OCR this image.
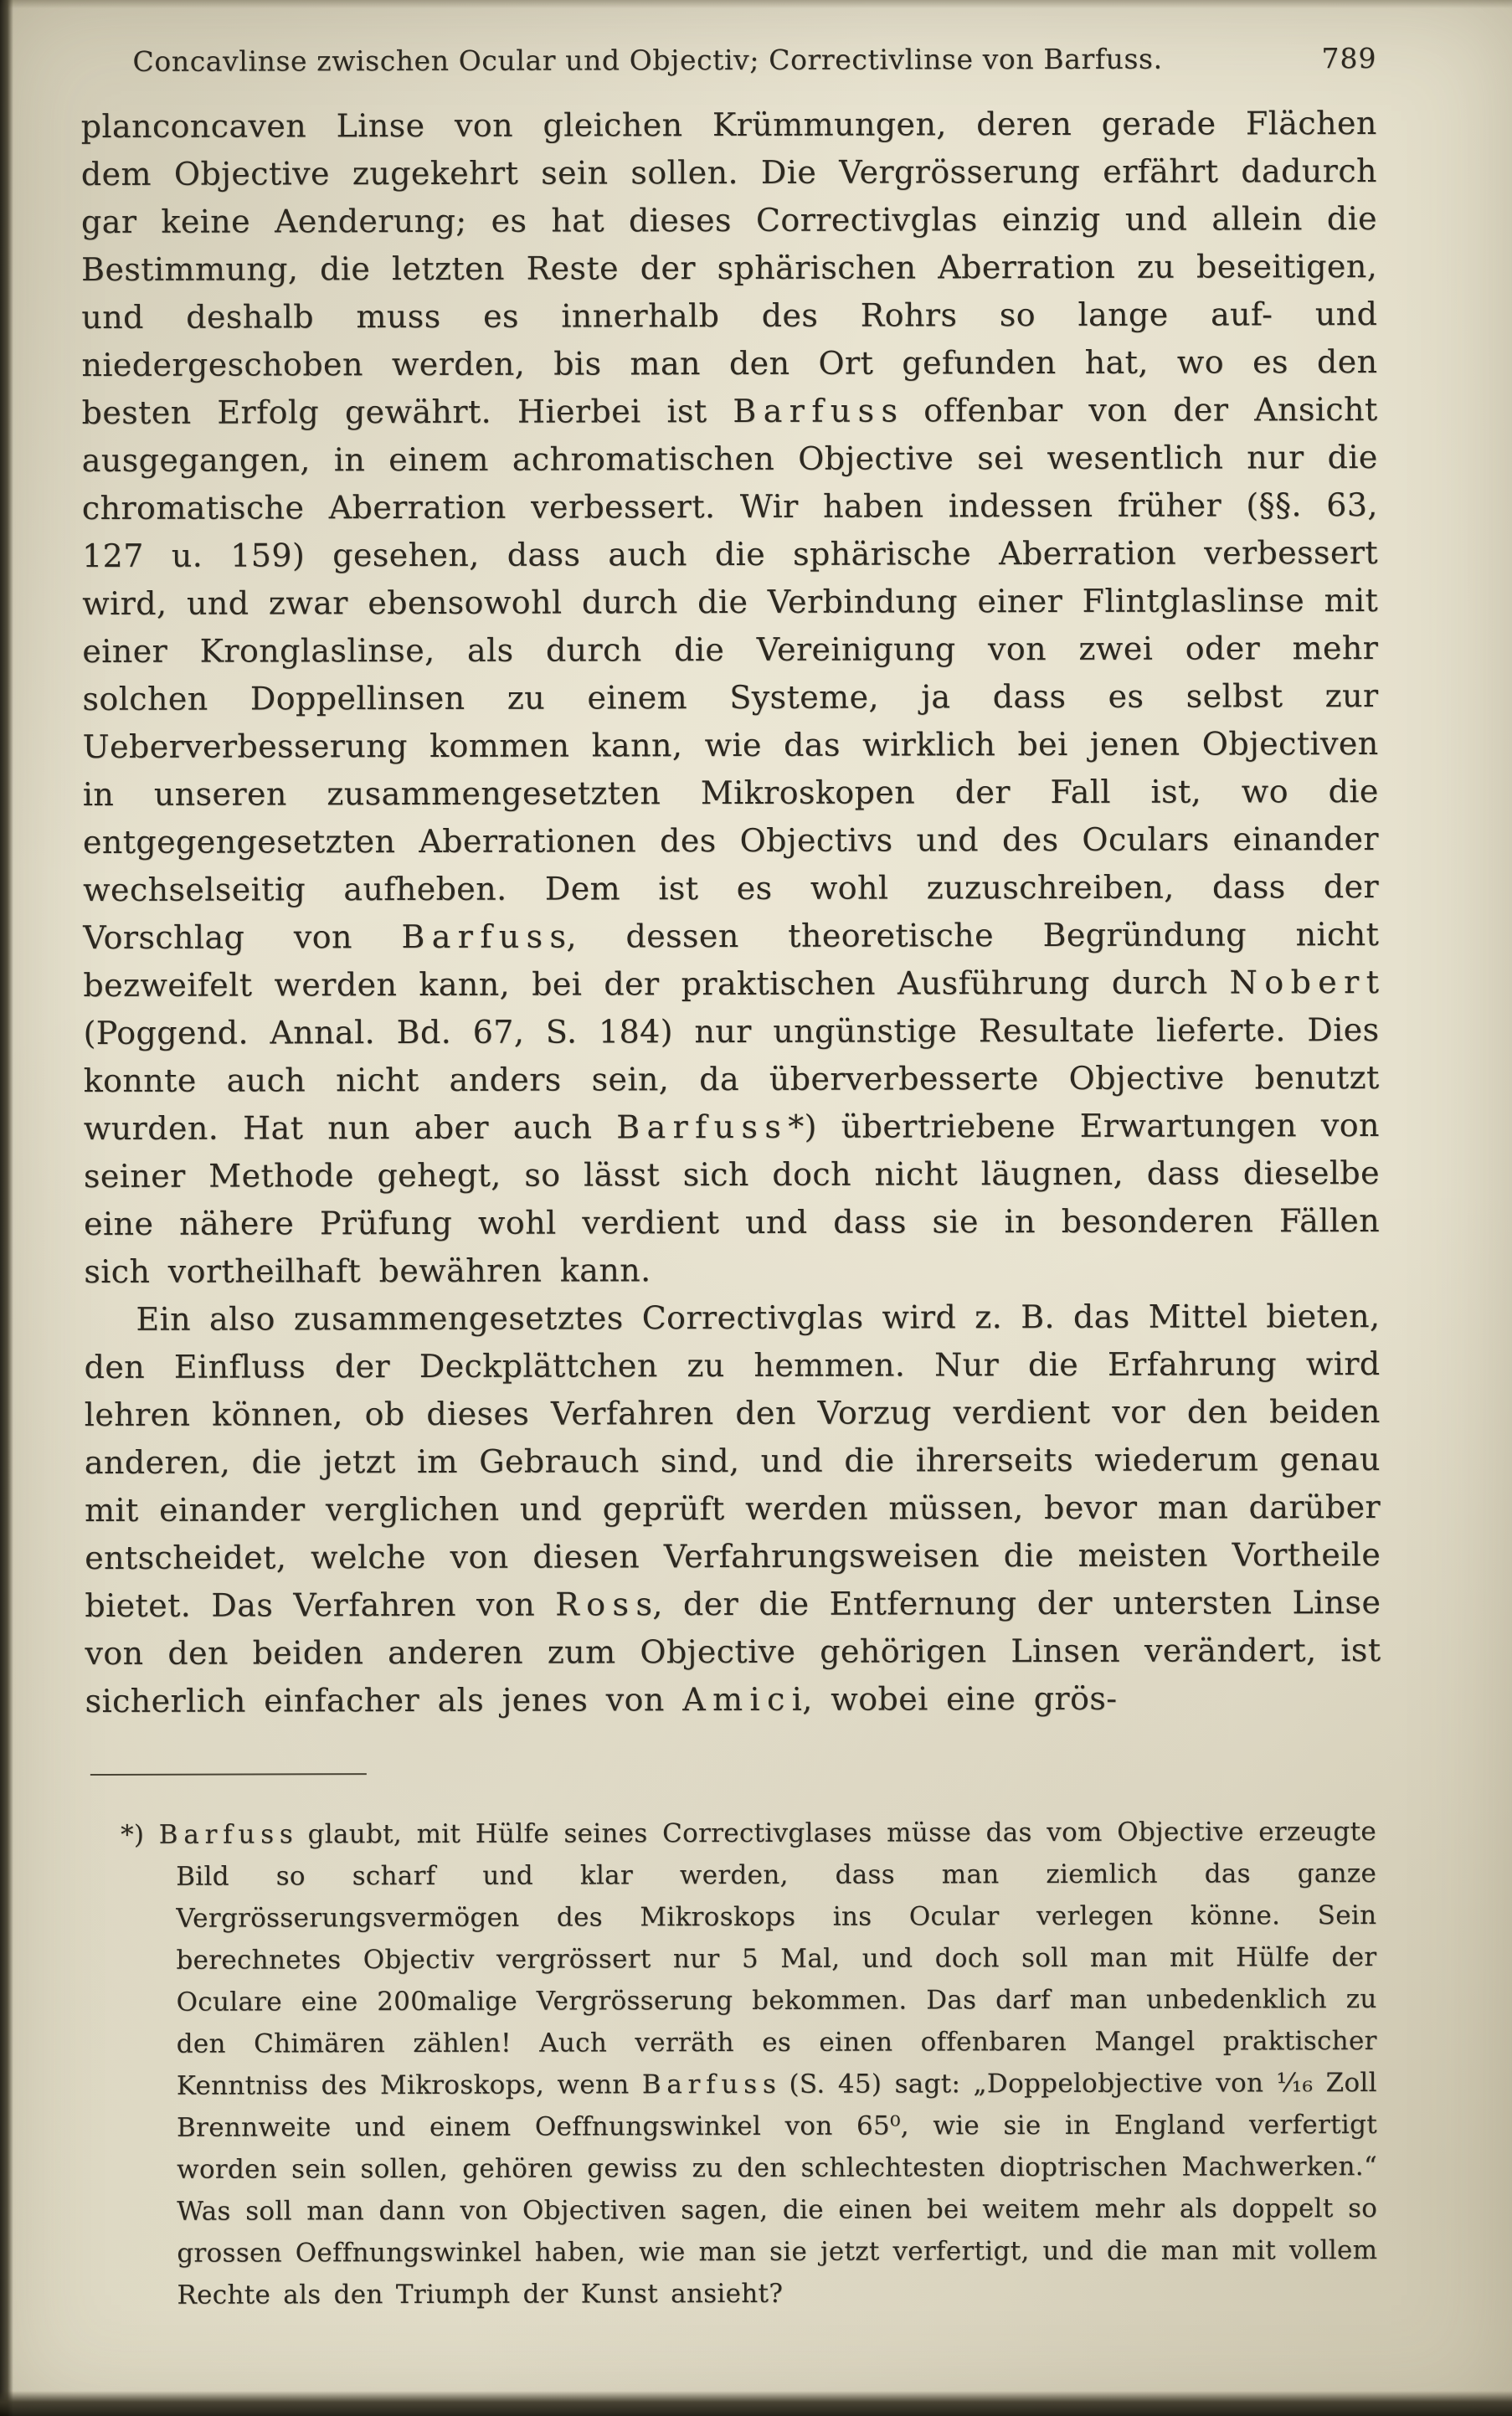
Concavlinse zwischen Ocular und Objectiv; Correctivlinse von Barfuss.	789

planconcaven Linse von gleichen Krümmungen, deren gerade Flächen dem Objective zugekehrt sein sollen. Die Vergrösserung erfährt dadurch gar keine Aenderung; es hat dieses Correctivglas einzig und allein die Bestimmung, die letzten Reste der sphärischen Aberration zu beseitigen, und deshalb muss es innerhalb des Rohrs so lange auf- und niedergeschoben werden, bis man den Ort gefunden hat, wo es den besten Erfolg gewährt. Hierbei ist B a r f u s s offenbar von der Ansicht ausgegangen, in einem achromatischen Objective sei wesentlich nur die chromatische Aberration verbessert. Wir haben indessen früher (§§. 63, 127 u. 159) gesehen, dass auch die sphärische Aberration verbessert wird, und zwar ebensowohl durch die Verbindung einer Flintglaslinse mit einer Kronglaslinse, als durch die Vereinigung von zwei oder mehr solchen Doppellinsen zu einem Systeme, ja dass es selbst zur Ueberverbesserung kommen kann, wie das wirklich bei jenen Objectiven in unseren zusammengesetzten Mikroskopen der Fall ist, wo die entgegengesetzten Aberrationen des Objectivs und des Oculars einander wechselseitig aufheben. Dem ist es wohl zuzuschreiben, dass der Vorschlag von B a r f u s s, dessen theoretische Begründung nicht bezweifelt werden kann, bei der praktischen Ausführung durch N o b e r t (Poggend. Annal. Bd. 67, S. 184) nur ungünstige Resultate lieferte. Dies konnte auch nicht anders sein, da überverbesserte Objective benutzt wurden. Hat nun aber auch B a r f u s s *) übertriebene Erwartungen von seiner Methode gehegt, so lässt sich doch nicht läugnen, dass dieselbe eine nähere Prüfung wohl verdient und dass sie in besonderen Fällen sich vortheilhaft bewähren kann.

Ein also zusammengesetztes Correctivglas wird z. B. das Mittel bieten, den Einfluss der Deckplättchen zu hemmen. Nur die Erfahrung wird lehren können, ob dieses Verfahren den Vorzug verdient vor den beiden anderen, die jetzt im Gebrauch sind, und die ihrerseits wiederum genau mit einander verglichen und geprüft werden müssen, bevor man darüber entscheidet, welche von diesen Verfahrungsweisen die meisten Vortheile bietet. Das Verfahren von R o s s, der die Entfernung der untersten Linse von den beiden anderen zum Objective gehörigen Linsen verändert, ist sicherlich einfacher als jenes von A m i c i, wobei eine grös-

*) B a r f u s s glaubt, mit Hülfe seines Correctivglases müsse das vom Objective erzeugte Bild so scharf und klar werden, dass man ziemlich das ganze Vergrösserungsvermögen des Mikroskops ins Ocular verlegen könne. Sein berechnetes Objectiv vergrössert nur 5 Mal, und doch soll man mit Hülfe der Oculare eine 200malige Vergrösserung bekommen. Das darf man unbedenklich zu den Chimären zählen! Auch verräth es einen offenbaren Mangel praktischer Kenntniss des Mikroskops, wenn B a r f u s s (S. 45) sagt: „Doppelobjective von ¹⁄₁₆ Zoll Brennweite und einem Oeffnungswinkel von 65⁰, wie sie in England verfertigt worden sein sollen, gehören gewiss zu den schlechtesten dioptrischen Machwerken.“ Was soll man dann von Objectiven sagen, die einen bei weitem mehr als doppelt so grossen Oeffnungswinkel haben, wie man sie jetzt verfertigt, und die man mit vollem Rechte als den Triumph der Kunst ansieht?
